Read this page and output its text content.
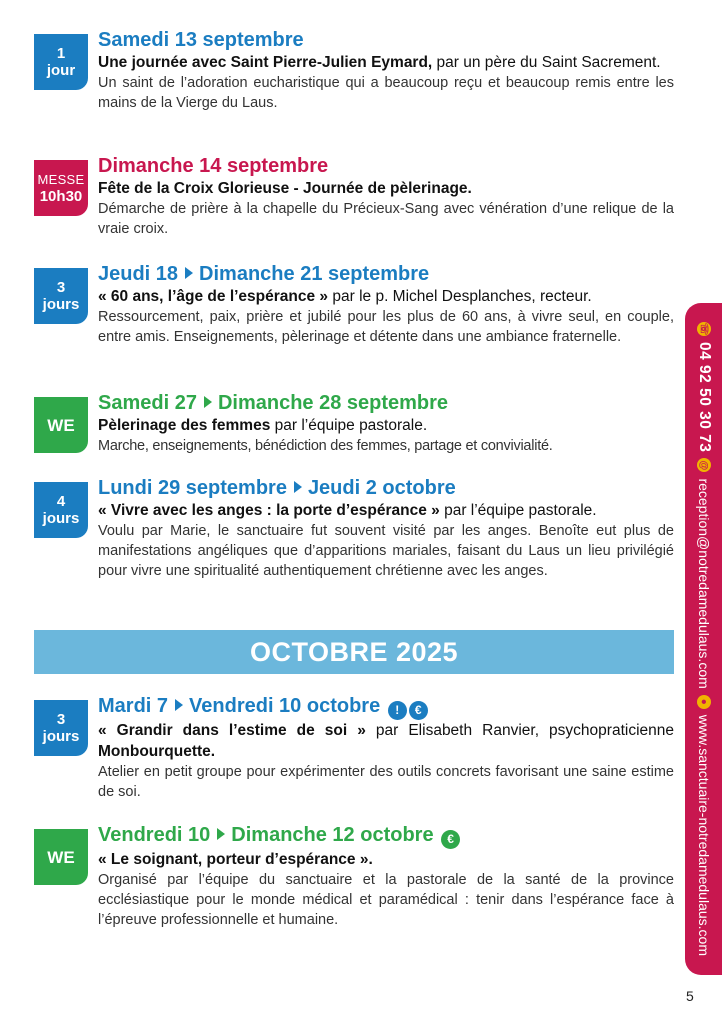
1
jour
Samedi 13 septembre
Une journée avec Saint Pierre-Julien Eymard, par un père du Saint Sacrement.
Un saint de l’adoration eucharistique qui a beaucoup reçu et beaucoup remis entre les mains de la Vierge du Laus.
MESSE
10h30
Dimanche 14 septembre
Fête de la Croix Glorieuse - Journée de pèlerinage.
Démarche de prière à la chapelle du Précieux-Sang avec vénération d’une relique de la vraie croix.
3
jours
Jeudi 18 Dimanche 21 septembre
« 60 ans, l’âge de l’espérance » par le p. Michel Desplanches, recteur.
Ressourcement, paix, prière et jubilé pour les plus de 60 ans, à vivre seul, en couple, entre amis. Enseignements, pèlerinage et détente dans une ambiance fraternelle.
WE
Samedi 27 Dimanche 28 septembre
Pèlerinage des femmes par l’équipe pastorale.
Marche, enseignements, bénédiction des femmes, partage et convivialité.
4
jours
Lundi 29 septembre Jeudi 2 octobre
« Vivre avec les anges : la porte d’espérance » par l’équipe pastorale.
Voulu par Marie, le sanctuaire fut souvent visité par les anges. Benoîte eut plus de manifestations angéliques que d’apparitions mariales, faisant du Laus un lieu privilégié pour vivre une spiritualité authentiquement chrétienne avec les anges.
OCTOBRE 2025
3
jours
Mardi 7 Vendredi 10 octobre ! €
« Grandir dans l’estime de soi » par Elisabeth Ranvier, psychopraticienne Monbourquette.
Atelier en petit groupe pour expérimenter des outils concrets favorisant une saine estime de soi.
WE
Vendredi 10 Dimanche 12 octobre €
« Le soignant, porteur d’espérance ».
Organisé par l’équipe du sanctuaire et la pastorale de la santé de la province ecclésiastique pour le monde médical et paramédical : tenir dans l’espérance face à l’épreuve professionnelle et humaine.
☏
04 92 50 30 73
@
reception@notredamedulaus.com
●
www.sanctuaire-notredamedulaus.com
5
